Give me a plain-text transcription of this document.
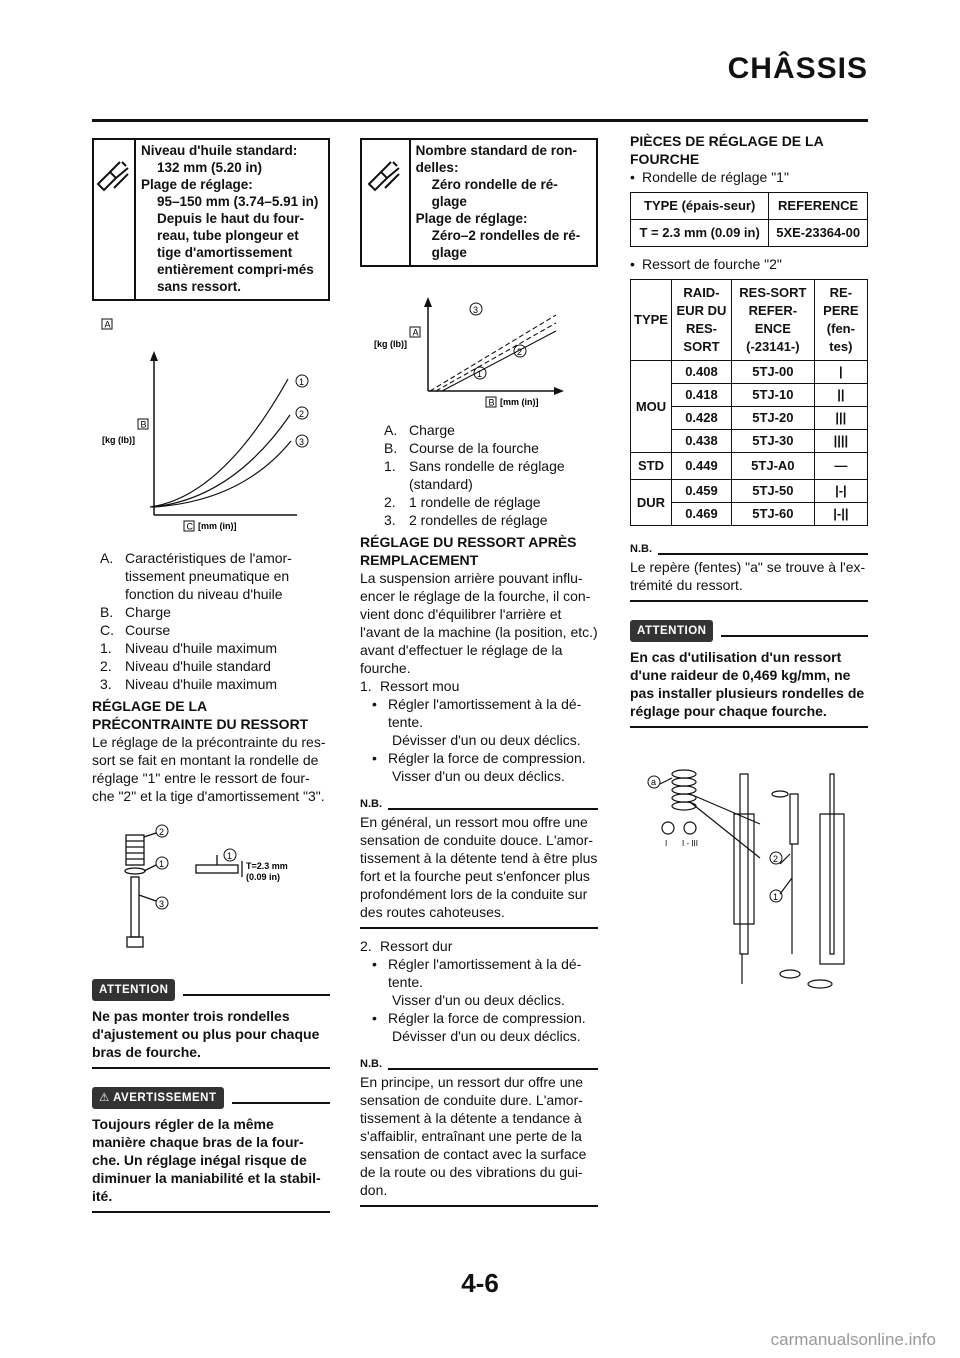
CHÂSSIS
Niveau d'huile standard:
132 mm (5.20 in)
Plage de réglage:
95–150 mm (3.74–5.91 in)
Depuis le haut du four-reau, tube plongeur et tige d'amortissement entièrement compri-més sans ressort.
A
B
[kg (lb)]
C [mm (in)]
1
2
3
A. Caractéristiques de l'amor-tissement pneumatique en fonction du niveau d'huile
B. Charge
C. Course
1. Niveau d'huile maximum
2. Niveau d'huile standard
3. Niveau d'huile maximum
RÉGLAGE DE LA PRÉCONTRAINTE DU RESSORT
Le réglage de la précontrainte du res-sort se fait en montant la rondelle de réglage "1" entre le ressort de four-che "2" et la tige d'amortissement "3".
2
1
3
1
T=2.3 mm
(0.09 in)
ATTENTION
Ne pas monter trois rondelles d'ajustement ou plus pour chaque bras de fourche.
⚠ AVERTISSEMENT
Toujours régler de la même manière chaque bras de la four-che. Un réglage inégal risque de diminuer la maniabilité et la stabil-ité.
Nombre standard de ron-delles:
Zéro rondelle de ré-glage
Plage de réglage:
Zéro–2 rondelles de ré-glage
A
[kg (lb)]
B [mm (in)]
3
2
1
A. Charge
B. Course de la fourche
1. Sans rondelle de réglage (standard)
2. 1 rondelle de réglage
3. 2 rondelles de réglage
RÉGLAGE DU RESSORT APRÈS REMPLACEMENT
La suspension arrière pouvant influ-encer le réglage de la fourche, il con-vient donc d'équilibrer l'arrière et l'avant de la machine (la position, etc.) avant d'effectuer le réglage de la fourche.
1. Ressort mou
• Régler l'amortissement à la dé-tente.
Dévisser d'un ou deux déclics.
• Régler la force de compression.
Visser d'un ou deux déclics.
N.B.
En général, un ressort mou offre une sensation de conduite douce. L'amor-tissement à la détente tend à être plus fort et la fourche peut s'enfoncer plus profondément lors de la conduite sur des routes cahoteuses.
2. Ressort dur
• Régler l'amortissement à la dé-tente.
Visser d'un ou deux déclics.
• Régler la force de compression.
Dévisser d'un ou deux déclics.
N.B.
En principe, un ressort dur offre une sensation de conduite dure. L'amor-tissement à la détente a tendance à s'affaiblir, entraînant une perte de la sensation de contact avec la surface de la route ou des vibrations du gui-don.
PIÈCES DE RÉGLAGE DE LA FOURCHE
• Rondelle de réglage "1"
TYPE (épais-seur)	REFERENCE
T = 2.3 mm (0.09 in)	5XE-23364-00
• Ressort de fourche "2"
TYPE	RAID-EUR DU RES-SORT	RES-SORT REFER-ENCE (-23141-)	RE-PERE (fen-tes)
MOU	0.408	5TJ-00	|
	0.418	5TJ-10	||
	0.428	5TJ-20	|||
	0.438	5TJ-30	||||
STD	0.449	5TJ-A0	—
DUR	0.459	5TJ-50	|-|
	0.469	5TJ-60	|-||
N.B.
Le repère (fentes) "a" se trouve à l'ex-trémité du ressort.
ATTENTION
En cas d'utilisation d'un ressort d'une raideur de 0,469 kg/mm, ne pas installer plusieurs rondelles de réglage pour chaque fourche.
a
2
1
I I - III
4-6
carmanualsonline.info
